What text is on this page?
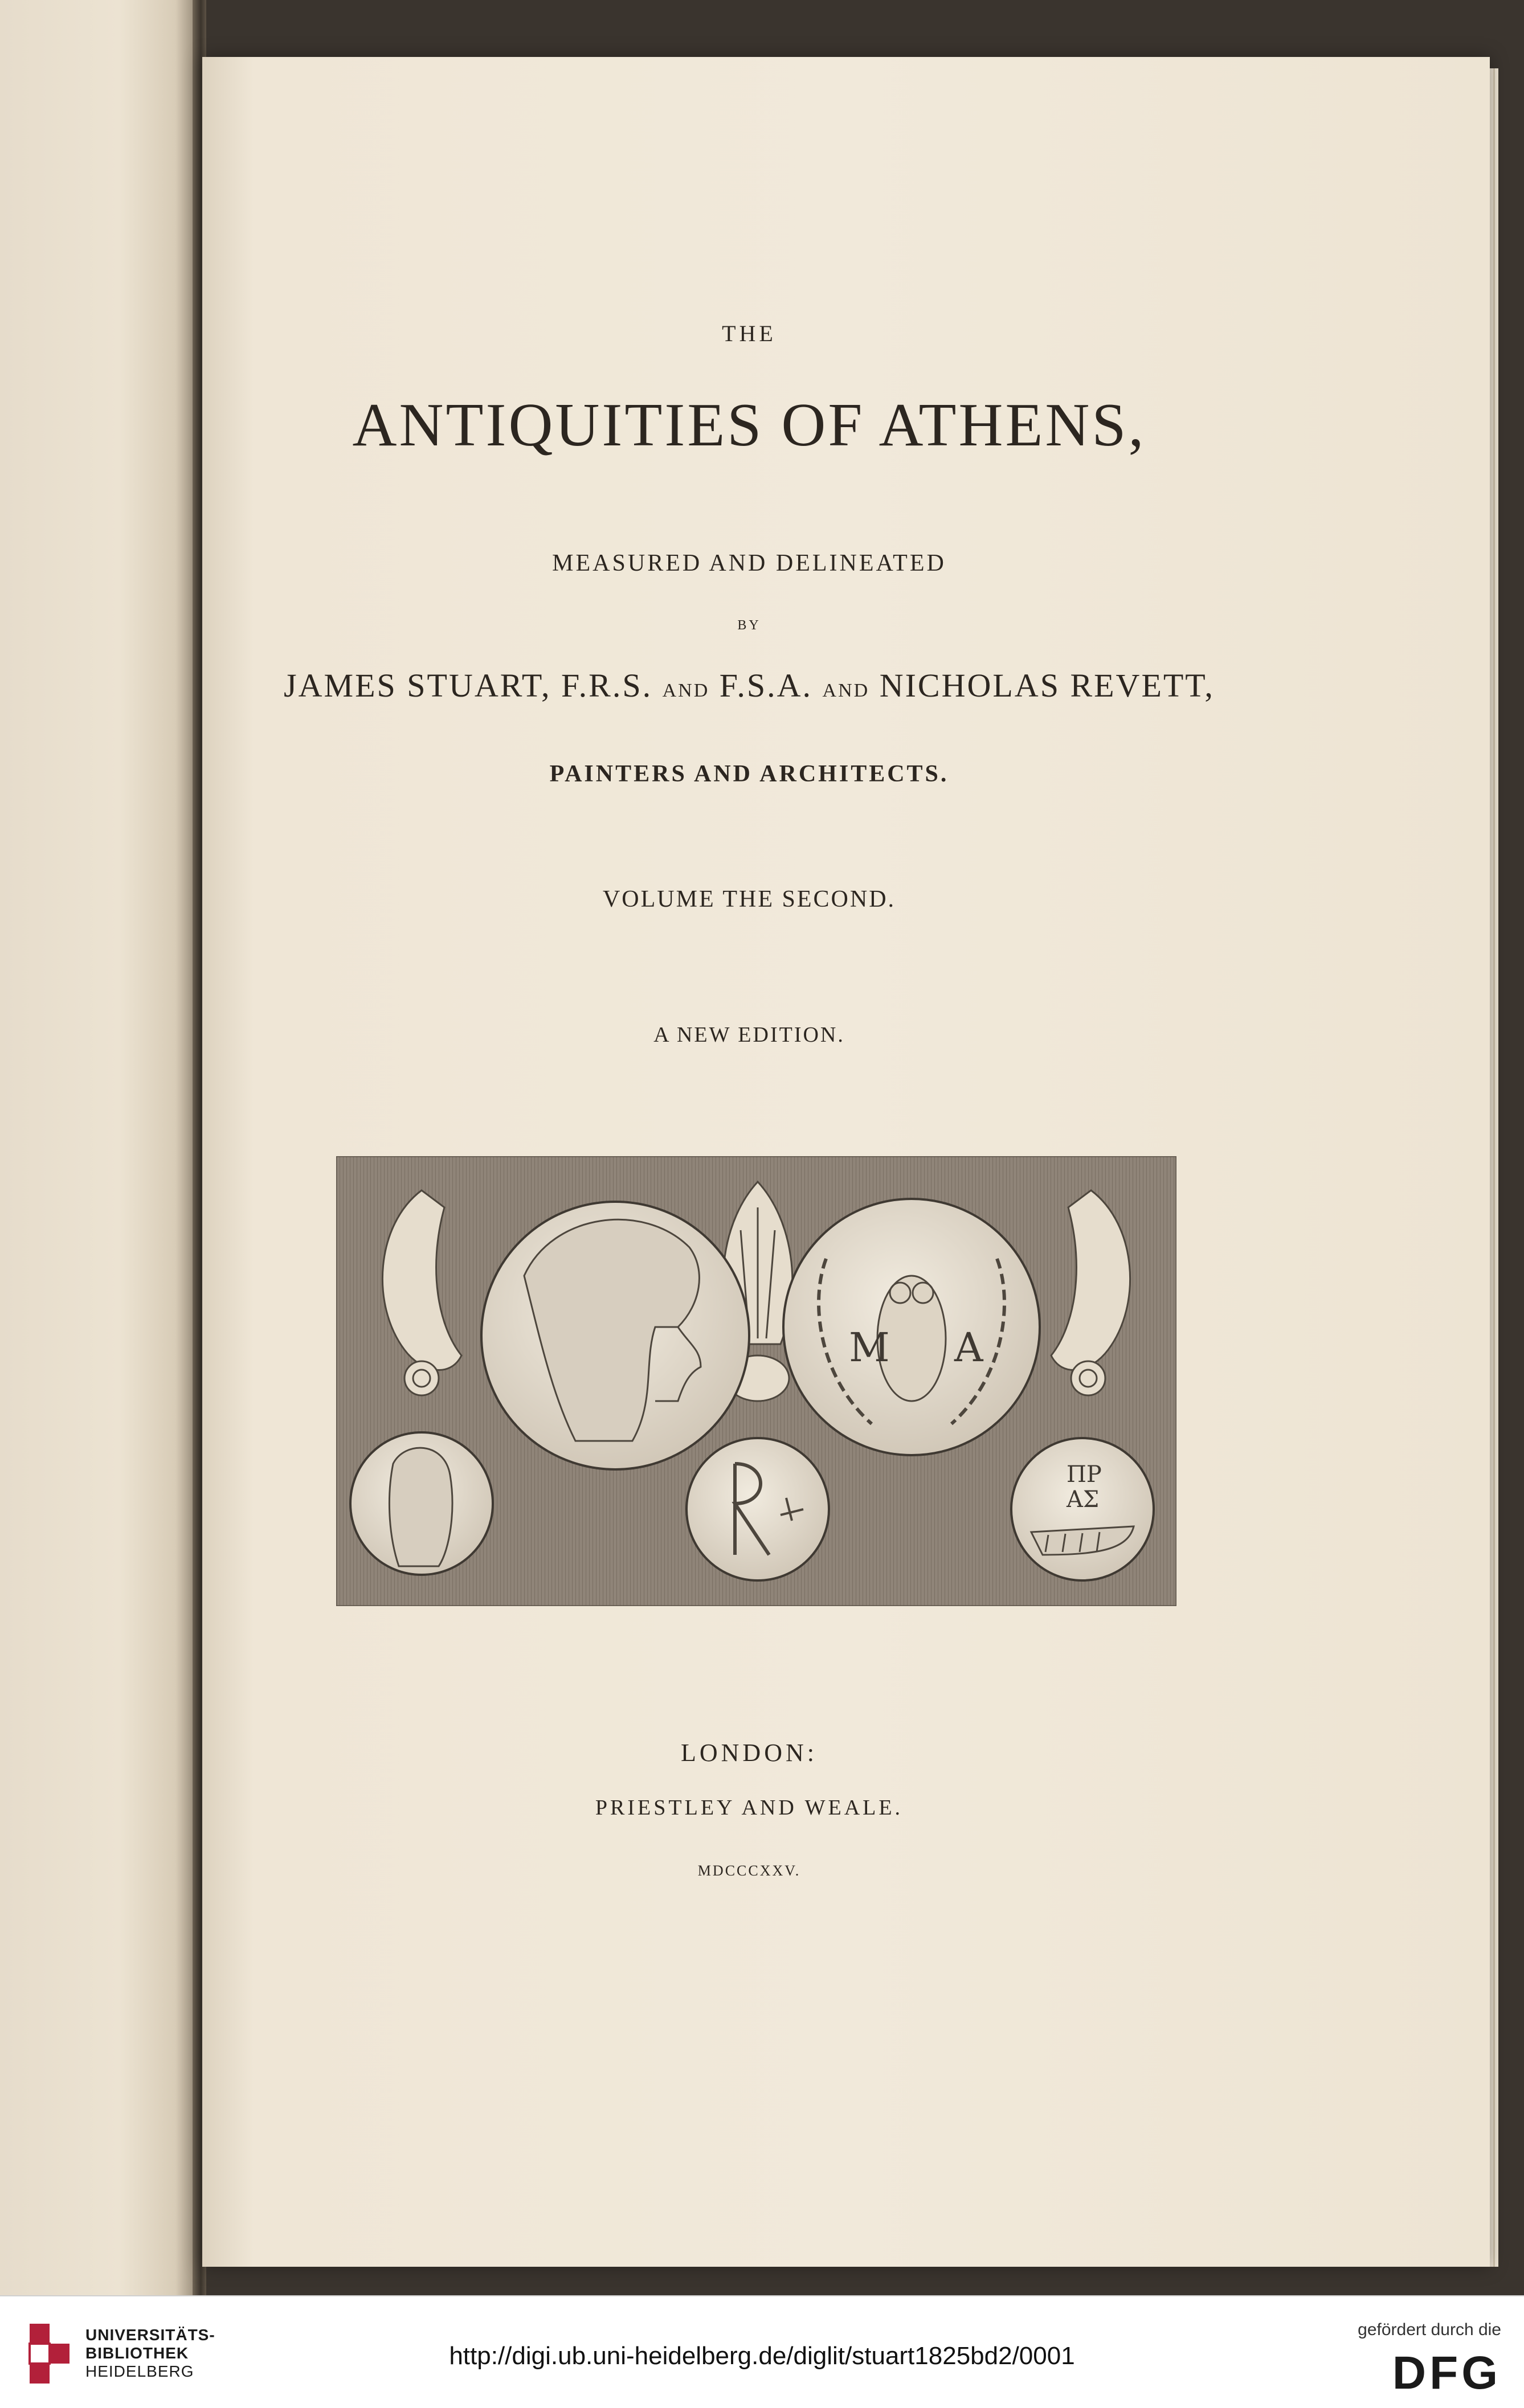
THE

ANTIQUITIES OF ATHENS,

MEASURED AND DELINEATED

BY

JAMES STUART, F.R.S. AND F.S.A. AND NICHOLAS REVETT,

PAINTERS AND ARCHITECTS.

VOLUME THE SECOND.

A NEW EDITION.

M A
ΠΡ
ΑΣ

LONDON:

PRIESTLEY AND WEALE.

MDCCCXXV.

UNIVERSITÄTS-
BIBLIOTHEK
HEIDELBERG
http://digi.ub.uni-heidelberg.de/diglit/stuart1825bd2/0001
gefördert durch die
DFG
